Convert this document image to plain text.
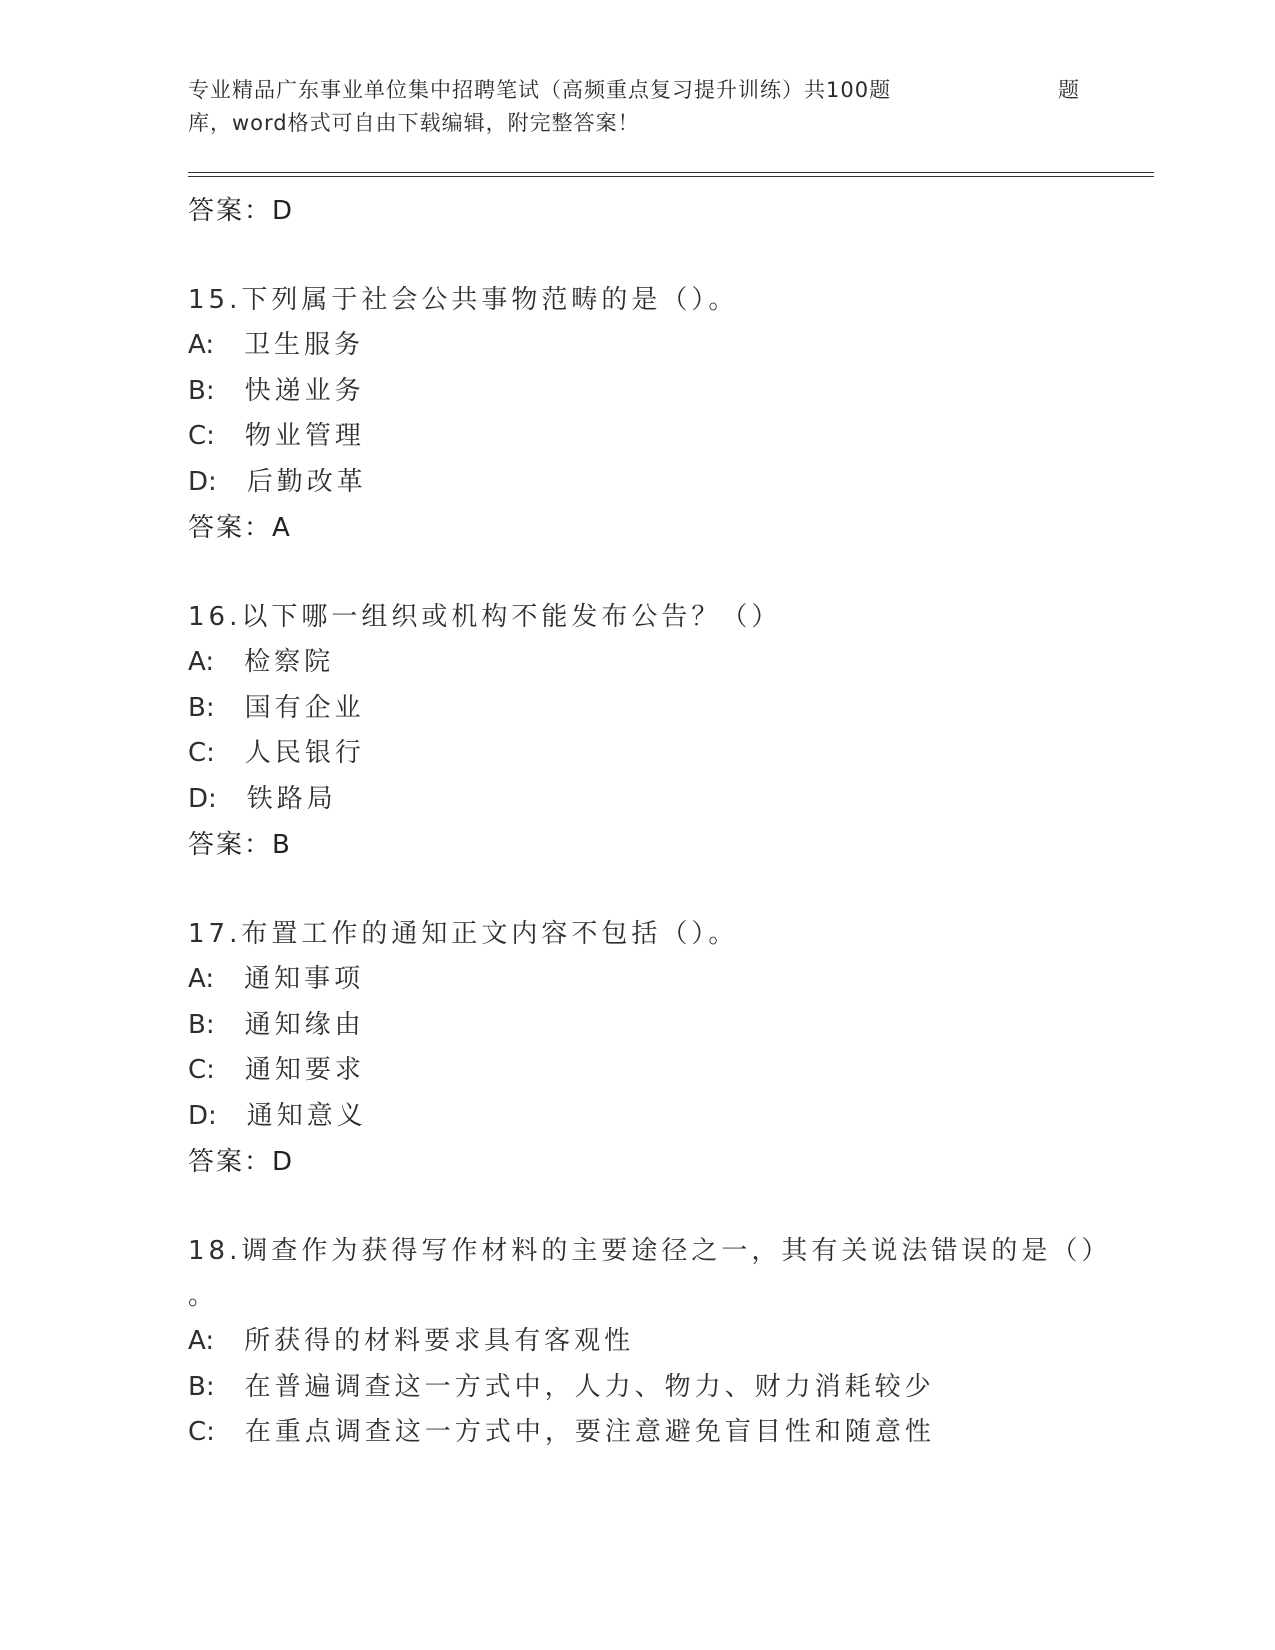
专业精品广东事业单位集中招聘笔试（高频重点复习提升训练）共100题	题
库，word格式可自由下载编辑，附完整答案！
答案：D
15.下列属于社会公共事物范畴的是（）。
A: 卫生服务
B: 快递业务
C: 物业管理
D: 后勤改革
答案：A
16.以下哪一组织或机构不能发布公告？（）
A: 检察院
B: 国有企业
C: 人民银行
D: 铁路局
答案：B
17.布置工作的通知正文内容不包括（）。
A: 通知事项
B: 通知缘由
C: 通知要求
D: 通知意义
答案：D
18.调查作为获得写作材料的主要途径之一，其有关说法错误的是（）
。
A: 所获得的材料要求具有客观性
B: 在普遍调查这一方式中，人力、物力、财力消耗较少
C: 在重点调查这一方式中，要注意避免盲目性和随意性
